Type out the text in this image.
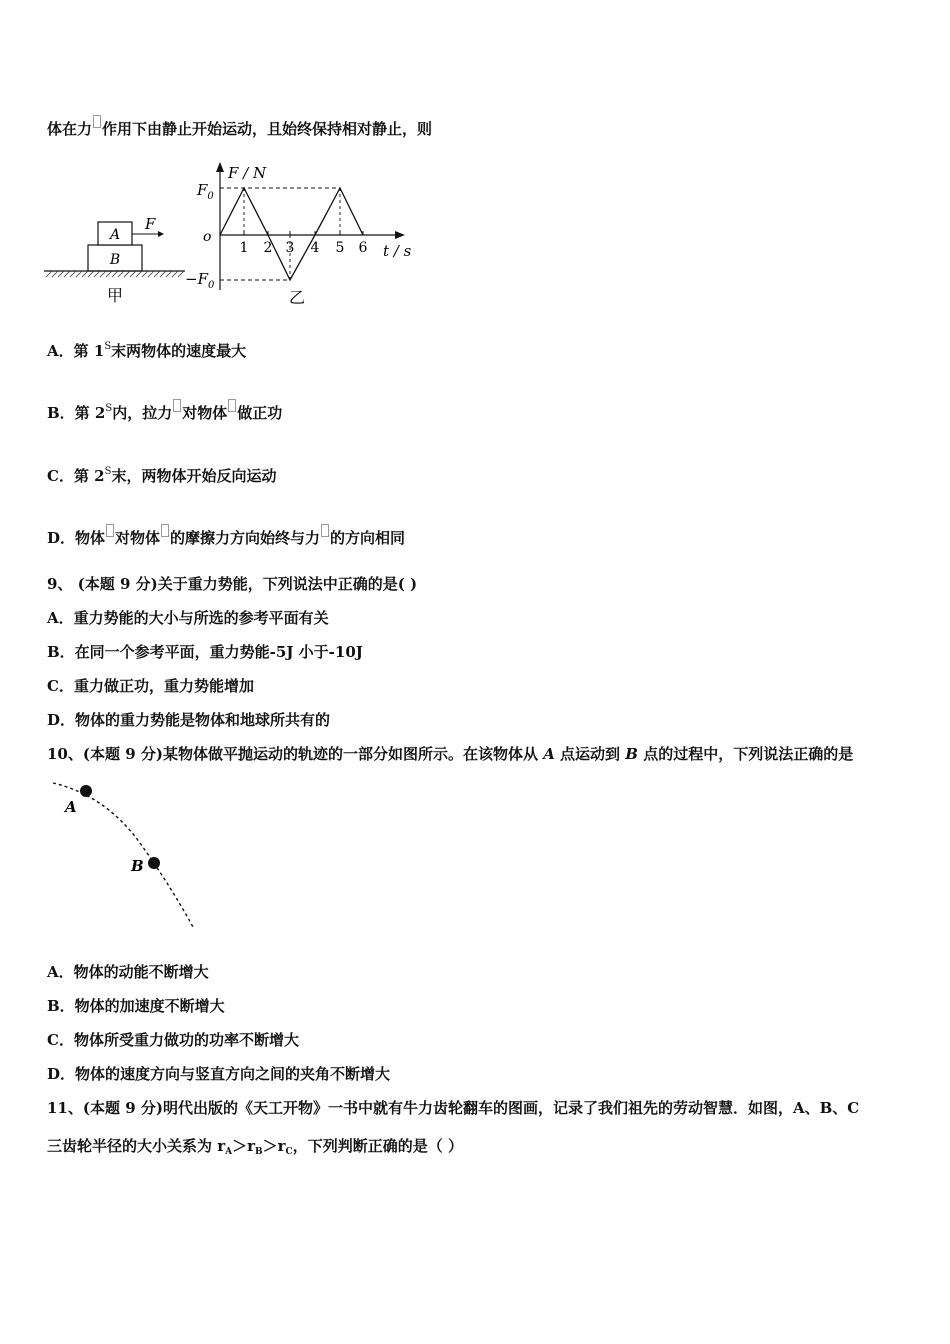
体在力 作用下由静止开始运动，且始终保持相对静止，则
A
B
F
甲
F / N
t / s
o
$F_0$
$-F_0$
1 2 3 4 5 6
乙
A．第 $1^S$末两物体的速度最大
B．第 $2^S$内，拉力 对物体 做正功
C．第 $2^S$末，两物体开始反向运动
D．物体 对物体 的摩擦力方向始终与力 的方向相同
9、 (本题 9 分)关于重力势能，下列说法中正确的是( )
A．重力势能的大小与所选的参考平面有关
B．在同一个参考平面，重力势能-5J 小于-10J
C．重力做正功，重力势能增加
D．物体的重力势能是物体和地球所共有的
10、(本题 9 分)某物体做平抛运动的轨迹的一部分如图所示。在该物体从 A 点运动到 B 点的过程中，下列说法正确的是
A
B
A．物体的动能不断增大
B．物体的加速度不断增大
C．物体所受重力做功的功率不断增大
D．物体的速度方向与竖直方向之间的夹角不断增大
11、(本题 9 分)明代出版的《天工开物》一书中就有牛力齿轮翻车的图画，记录了我们祖先的劳动智慧．如图，A、B、C
三齿轮半径的大小关系为 $r_A>r_B>r_C$，下列判断正确的是（ ）
